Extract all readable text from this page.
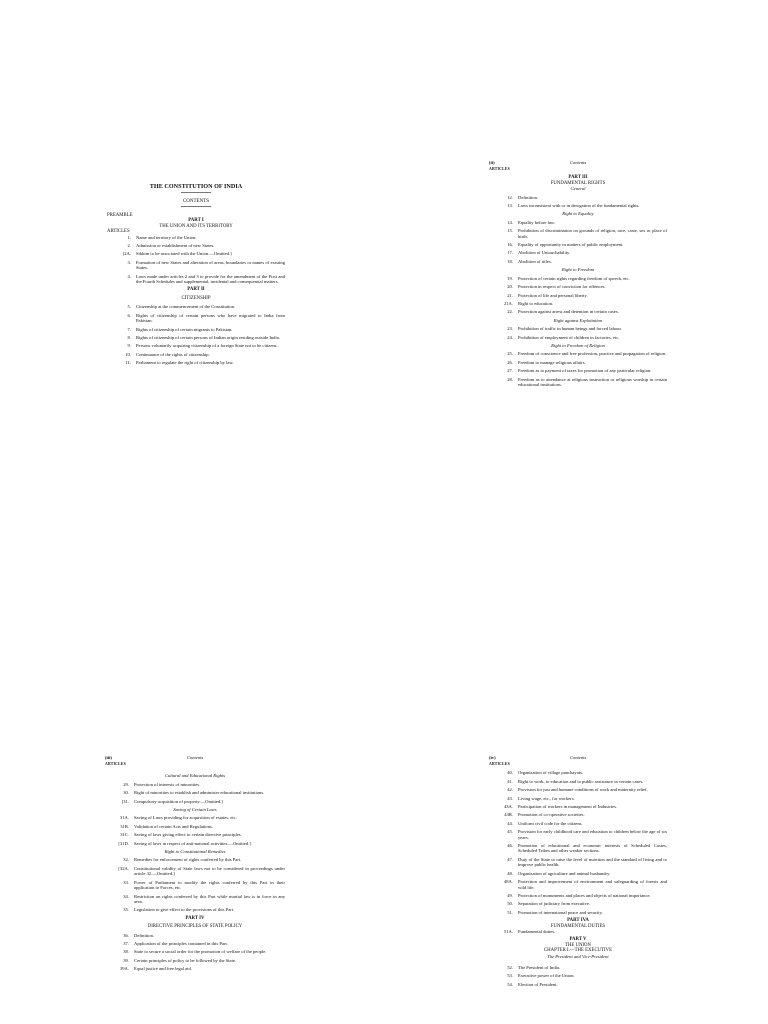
THE CONSTITUTION OF INDIA
CONTENTS
PREAMBLE
PART I
THE UNION AND ITS TERRITORY
ARTICLES
1.	Name and territory of the Union.
2.	Admission or establishment of new States.
[2A.	Sikkim to be associated with the Union.—Omitted.]
3.	Formation of new States and alteration of areas, boundaries or names of existing States.
4.	Laws made under articles 2 and 3 to provide for the amendment of the First and the Fourth Schedules and supplemental, incidental and consequential matters.
PART II
CITIZENSHIP
5.	Citizenship at the commencement of the Constitution.
6.	Rights of citizenship of certain persons who have migrated to India from Pakistan.
7.	Rights of citizenship of certain migrants to Pakistan.
8.	Rights of citizenship of certain persons of Indian origin residing outside India.
9.	Persons voluntarily acquiring citizenship of a foreign State not to be citizens.
10.	Continuance of the rights of citizenship.
11.	Parliament to regulate the right of citizenship by law.
(ii)	Contents
ARTICLES
PART III
FUNDAMENTAL RIGHTS
General
12.	Definition.
13.	Laws inconsistent with or in derogation of the fundamental rights.
Right to Equality
14.	Equality before law.
15.	Prohibition of discrimination on grounds of religion, race, caste, sex or place of birth.
16.	Equality of opportunity in matters of public employment.
17.	Abolition of Untouchability.
18.	Abolition of titles.
Right to Freedom
19.	Protection of certain rights regarding freedom of speech, etc.
20.	Protection in respect of conviction for offences.
21.	Protection of life and personal liberty.
21A.	Right to education.
22.	Protection against arrest and detention in certain cases.
Right against Exploitation
23.	Prohibition of traffic in human beings and forced labour.
24.	Prohibition of employment of children in factories, etc.
Right to Freedom of Religion
25.	Freedom of conscience and free profession, practice and propagation of religion.
26.	Freedom to manage religious affairs.
27.	Freedom as to payment of taxes for promotion of any particular religion.
28.	Freedom as to attendance at religious instruction or religious worship in certain educational institutions.
(iii)	Contents
ARTICLES
Cultural and Educational Rights
29.	Protection of interests of minorities.
30.	Right of minorities to establish and administer educational institutions.
[31.	Compulsory acquisition of property.—Omitted.]
Saving of Certain Laws
31A.	Saving of Laws providing for acquisition of estates, etc.
31B.	Validation of certain Acts and Regulations.
31C.	Saving of laws giving effect to certain directive principles.
[31D.	Saving of laws in respect of anti-national activities.—Omitted.]
Right to Constitutional Remedies
32.	Remedies for enforcement of rights conferred by this Part.
[32A.	Constitutional validity of State laws not to be considered in proceedings under article 32.—Omitted.]
33.	Power of Parliament to modify the rights conferred by this Part in their application to Forces, etc.
34.	Restriction on rights conferred by this Part while martial law is in force in any area.
35.	Legislation to give effect to the provisions of this Part.
PART IV
DIRECTIVE PRINCIPLES OF STATE POLICY
36.	Definition.
37.	Application of the principles contained in this Part.
38.	State to secure a social order for the promotion of welfare of the people.
39.	Certain principles of policy to be followed by the State.
39A.	Equal justice and free legal aid.
(iv)	Contents
ARTICLES
40.	Organisation of village panchayats.
41.	Right to work, to education and to public assistance in certain cases.
42.	Provision for just and humane conditions of work and maternity relief.
43.	Living wage, etc., for workers.
43A.	Participation of workers in management of Industries.
43B.	Promotion of co-operative societies.
44.	Uniform civil code for the citizens.
45.	Provision for early childhood care and education to children below the age of six years.
46.	Promotion of educational and economic interests of Scheduled Castes, Scheduled Tribes and other weaker sections.
47.	Duty of the State to raise the level of nutrition and the standard of living and to improve public health.
48.	Organisation of agriculture and animal husbandry.
48A.	Protection and improvement of environment and safeguarding of forests and wild life.
49.	Protection of monuments and places and objects of national importance.
50.	Separation of judiciary from executive.
51.	Promotion of international peace and security.
PART IVA
FUNDAMENTAL DUTIES
51A.	Fundamental duties.
PART V
THE UNION
CHAPTER I.—THE EXECUTIVE
The President and Vice-President
52.	The President of India.
53.	Executive power of the Union.
54.	Election of President.
